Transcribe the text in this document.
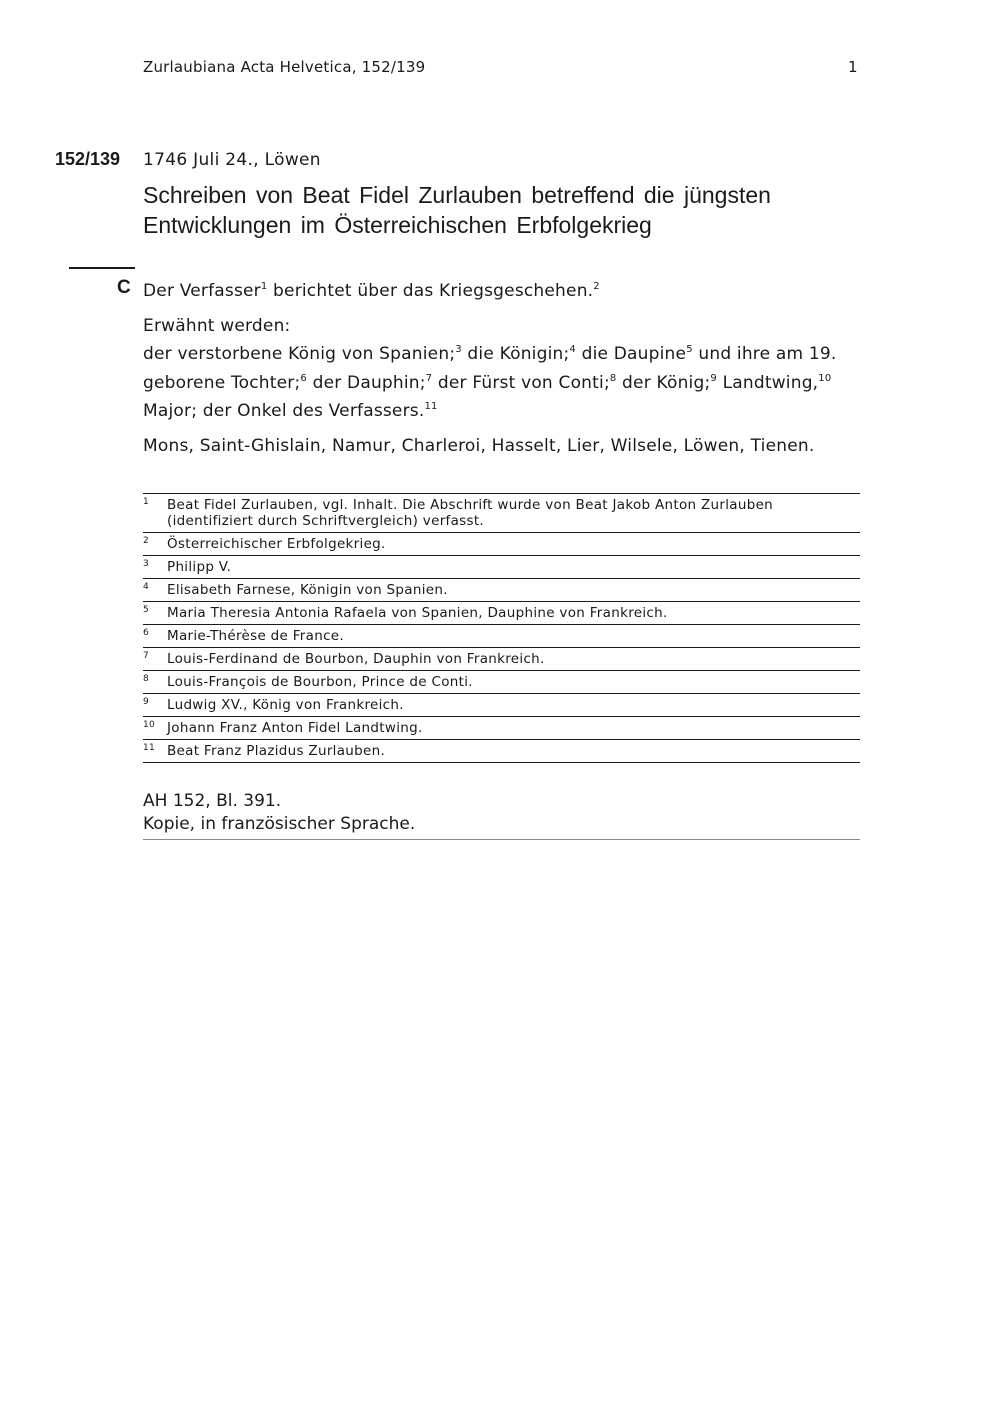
Zurlaubiana Acta Helvetica, 152/139	1
152/139 1746 Juli 24., Löwen
Schreiben von Beat Fidel Zurlauben betreffend die jüngsten
Entwicklungen im Österreichischen Erbfolgekrieg
C Der Verfasser$^1$ berichtet über das Kriegsgeschehen.$^2$

Erwähnt werden:

der verstorbene König von Spanien;$^3$ die Königin;$^4$ die Daupine$^5$ und ihre am 19. geborene Tochter;$^6$ der Dauphin;$^7$ der Fürst von Conti;$^8$ der König;$^9$ Landtwing,$^{10}$ Major; der Onkel des Verfassers.$^{11}$

Mons, Saint-Ghislain, Namur, Charleroi, Hasselt, Lier, Wilsele, Löwen, Tienen.

1	Beat Fidel Zurlauben, vgl. Inhalt. Die Abschrift wurde von Beat Jakob Anton Zurlauben (identifiziert durch Schriftvergleich) verfasst.
2	Österreichischer Erbfolgekrieg.
3	Philipp V.
4	Elisabeth Farnese, Königin von Spanien.
5	Maria Theresia Antonia Rafaela von Spanien, Dauphine von Frankreich.
6	Marie-Thérèse de France.
7	Louis-Ferdinand de Bourbon, Dauphin von Frankreich.
8	Louis-François de Bourbon, Prince de Conti.
9	Ludwig XV., König von Frankreich.
10 Johann Franz Anton Fidel Landtwing.
11 Beat Franz Plazidus Zurlauben.
AH 152, Bl. 391.
Kopie, in französischer Sprache.
